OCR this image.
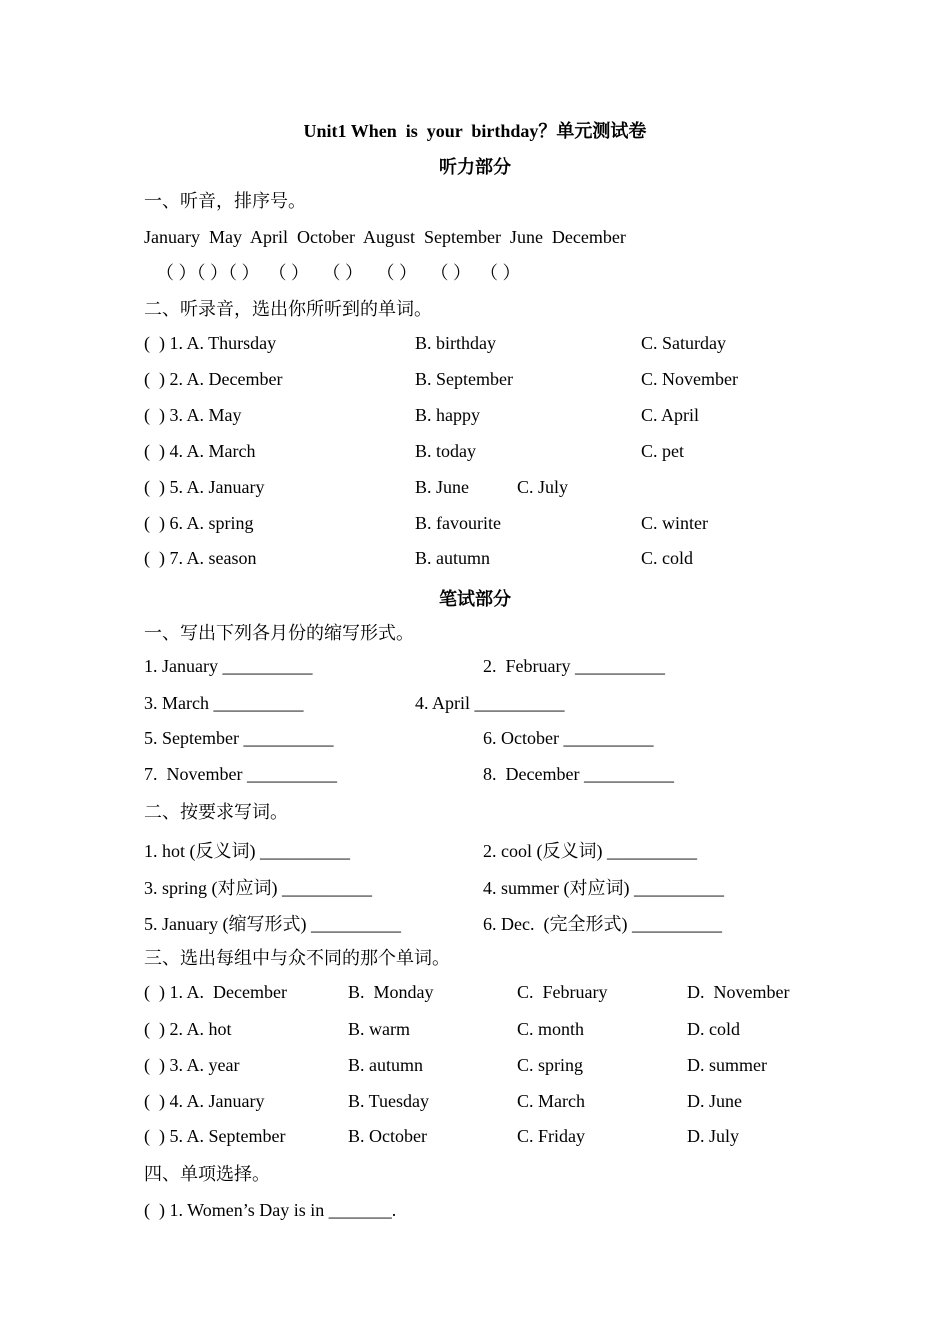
Unit1 When  is  your  birthday？单元测试卷
听力部分
一、听音，排序号。
January  May  April  October  August  September  June  December
（ ）（ ）（ ）  （ ）   （ ）   （ ）   （ ）  （ ）
二、听录音，选出你所听到的单词。
(  ) 1. A. Thursday	B. birthday	C. Saturday
(  ) 2. A. December	B. September	C. November
(  ) 3. A. May	B. happy	C. April
(  ) 4. A. March	B. today	C. pet
(  ) 5. A. January	B. June	C. July
(  ) 6. A. spring	B. favourite	C. winter
(  ) 7. A. season	B. autumn	C. cold
笔试部分
一、写出下列各月份的缩写形式。
1. January __________	2.  February __________
3. March __________	4. April __________
5. September __________	6. October __________
7.  November __________	8.  December __________
二、按要求写词。
1. hot (反义词) __________	2. cool (反义词) __________
3. spring (对应词) __________	4. summer (对应词) __________
5. January (缩写形式) __________	6. Dec.  (完全形式) __________
三、选出每组中与众不同的那个单词。
(  ) 1. A.  December	B.  Monday	C.  February	D.  November
(  ) 2. A. hot	B. warm	C. month	D. cold
(  ) 3. A. year	B. autumn	C. spring	D. summer
(  ) 4. A. January	B. Tuesday	C. March	D. June
(  ) 5. A. September	B. October	C. Friday	D. July
四、单项选择。
(  ) 1. Women’s Day is in _______.
